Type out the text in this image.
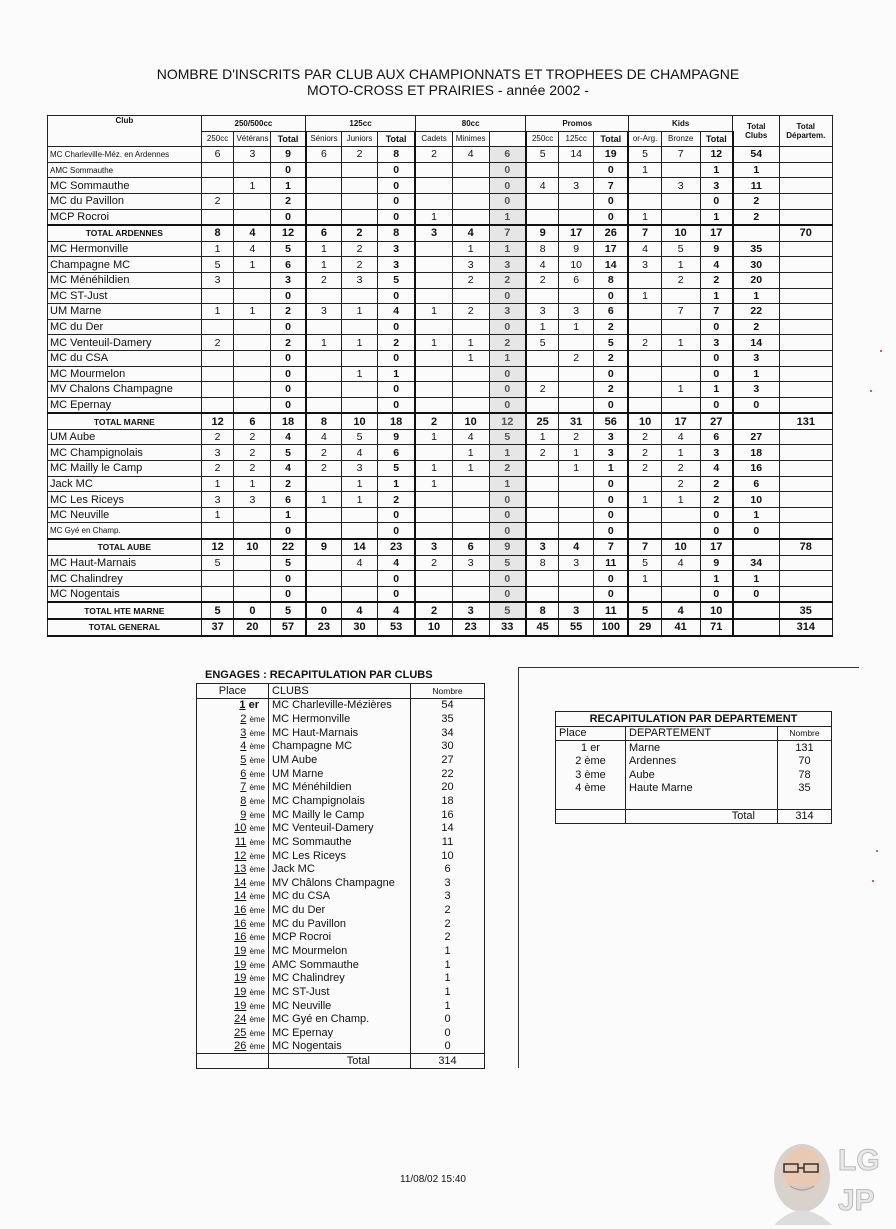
NOMBRE D'INSCRITS PAR CLUB AUX CHAMPIONNATS ET TROPHEES DE CHAMPAGNE
MOTO-CROSS ET PRAIRIES - année 2002 -
Club	250/500cc			125cc			80cc			Promos			Kids			Total Clubs	Total Départem.
	250cc	Vétérans	Total	Séniors	Juniors	Total	Cadets	Minimes		250cc	125cc	Total	or-Arg.	Bronze	Total		
MC Charleville-Méz. en Ardennes	6	3	9	6	2	8	2	4	6	5	14	19	5	7	12	54	
AMC Sommauthe			0			0			0			0	1		1	1	
MC Sommauthe		1	1			0			0	4	3	7		3	3	11	
MC du Pavillon	2		2			0			0			0			0	2	
MCP Rocroi			0			0	1		1			0	1		1	2	
TOTAL ARDENNES	8	4	12	6	2	8	3	4	7	9	17	26	7	10	17		70
MC Hermonville	1	4	5	1	2	3		1	1	8	9	17	4	5	9	35	
Champagne MC	5	1	6	1	2	3		3	3	4	10	14	3	1	4	30	
MC Ménéhildien	3		3	2	3	5		2	2	2	6	8		2	2	20	
MC ST-Just			0			0			0			0	1		1	1	
UM Marne	1	1	2	3	1	4	1	2	3	3	3	6		7	7	22	
MC du Der			0			0			0	1	1	2			0	2	
MC Venteuil-Damery	2		2	1	1	2	1	1	2	5		5	2	1	3	14	
MC du CSA			0			0		1	1		2	2			0	3	
MC Mourmelon			0		1	1			0			0			0	1	
MV Chalons Champagne			0			0			0	2		2		1	1	3	
MC Epernay			0			0			0			0			0	0	
TOTAL MARNE	12	6	18	8	10	18	2	10	12	25	31	56	10	17	27		131
UM Aube	2	2	4	4	5	9	1	4	5	1	2	3	2	4	6	27	
MC Champignolais	3	2	5	2	4	6		1	1	2	1	3	2	1	3	18	
MC Mailly le Camp	2	2	4	2	3	5	1	1	2		1	1	2	2	4	16	
Jack MC	1	1	2		1	1	1		1			0		2	2	6	
MC Les Riceys	3	3	6	1	1	2			0			0	1	1	2	10	
MC Neuville	1		1			0			0			0			0	1	
MC Gyé en Champ.			0			0			0			0			0	0	
TOTAL AUBE	12	10	22	9	14	23	3	6	9	3	4	7	7	10	17		78
MC Haut-Marnais	5		5		4	4	2	3	5	8	3	11	5	4	9	34	
MC Chalindrey			0			0			0			0	1		1	1	
MC Nogentais			0			0			0			0			0	0	
TOTAL HTE MARNE	5	0	5	0	4	4	2	3	5	8	3	11	5	4	10		35
TOTAL GENERAL	37	20	57	23	30	53	10	23	33	45	55	100	29	41	71		314
ENGAGES : RECAPITULATION PAR CLUBS
Place	CLUBS	Nombre
1 er	MC Charleville-Mézières	54
2 ème	MC Hermonville	35
3 ème	MC Haut-Marnais	34
4 ème	Champagne MC	30
5 ème	UM Aube	27
6 ème	UM Marne	22
7 ème	MC Ménéhildien	20
8 ème	MC Champignolais	18
9 ème	MC Mailly le Camp	16
10 ème	MC Venteuil-Damery	14
11 ème	MC Sommauthe	11
12 ème	MC Les Riceys	10
13 ème	Jack MC	6
14 ème	MV Châlons Champagne	3
14 ème	MC du CSA	3
16 ème	MC du Der	2
16 ème	MC du Pavillon	2
16 ème	MCP Rocroi	2
19 ème	MC Mourmelon	1
19 ème	AMC Sommauthe	1
19 ème	MC Chalindrey	1
19 ème	MC ST-Just	1
19 ème	MC Neuville	1
24 ème	MC Gyé en Champ.	0
25 ème	MC Epernay	0
26 ème	MC Nogentais	0
	Total	314
RECAPITULATION PAR DEPARTEMENT		
Place	DEPARTEMENT	Nombre
1 er	Marne	131
2 ème	Ardennes	70
3 ème	Aube	78
4 ème	Haute Marne	35

	Total	314
11/08/02 15:40
LG
JP
